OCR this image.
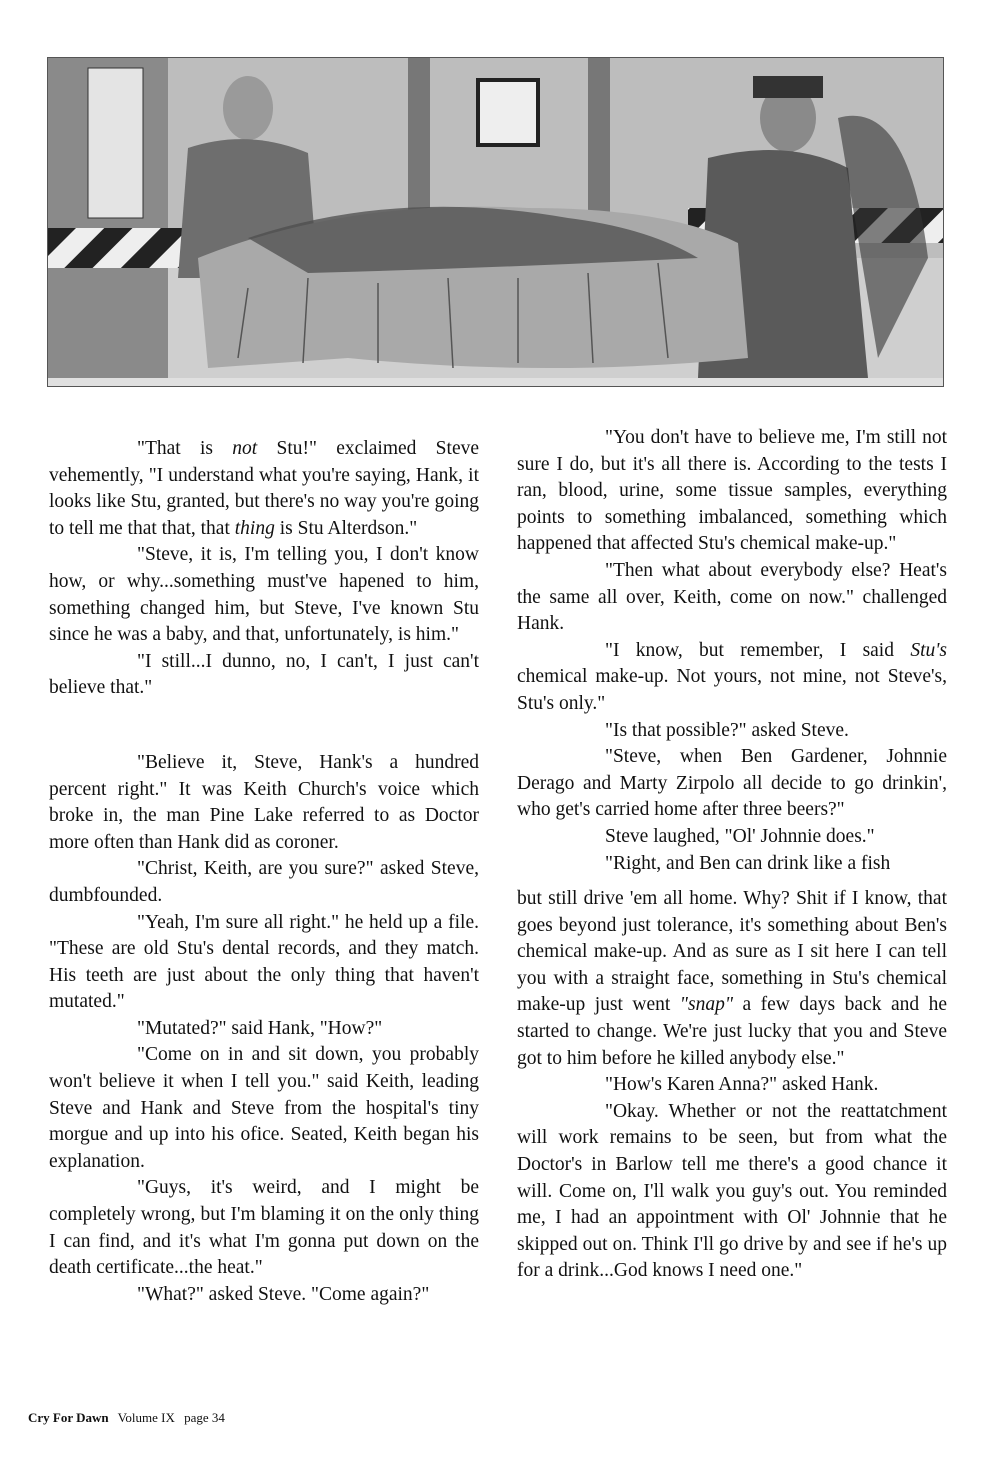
"That is not Stu!" exclaimed Steve vehemently, "I understand what you're saying, Hank, it looks like Stu, granted, but there's no way you're going to tell me that that, that thing is Stu Alterdson."

"Steve, it is, I'm telling you, I don't know how, or why...something must've hapened to him, something changed him, but Steve, I've known Stu since he was a baby, and that, unfortunately, is him."

"I still...I dunno, no, I can't, I just can't believe that."

"Believe it, Steve, Hank's a hundred percent right." It was Keith Church's voice which broke in, the man Pine Lake referred to as Doctor more often than Hank did as coroner.

"Christ, Keith, are you sure?" asked Steve, dumbfounded.

"Yeah, I'm sure all right." he held up a file. "These are old Stu's dental records, and they match. His teeth are just about the only thing that haven't mutated."

"Mutated?" said Hank, "How?"

"Come on in and sit down, you probably won't believe it when I tell you." said Keith, leading Steve and Hank and Steve from the hospital's tiny morgue and up into his ofice. Seated, Keith began his explanation.

"Guys, it's weird, and I might be completely wrong, but I'm blaming it on the only thing I can find, and it's what I'm gonna put down on the death certificate...the heat."

"What?" asked Steve. "Come again?"

"You don't have to believe me, I'm still not sure I do, but it's all there is. According to the tests I ran, blood, urine, some tissue samples, everything points to something imbalanced, something which happened that affected Stu's chemical make-up."

"Then what about everybody else? Heat's the same all over, Keith, come on now." challenged Hank.

"I know, but remember, I said Stu's chemical make-up. Not yours, not mine, not Steve's, Stu's only."

"Is that possible?" asked Steve.

"Steve, when Ben Gardener, Johnnie Derago and Marty Zirpolo all decide to go drinkin', who get's carried home after three beers?"

Steve laughed, "Ol' Johnnie does."

"Right, and Ben can drink like a fish

but still drive 'em all home. Why? Shit if I know, that goes beyond just tolerance, it's something about Ben's chemical make-up. And as sure as I sit here I can tell you with a straight face, something in Stu's chemical make-up just went "snap" a few days back and he started to change. We're just lucky that you and Steve got to him before he killed anybody else."

"How's Karen Anna?" asked Hank.

"Okay. Whether or not the reattatchment will work remains to be seen, but from what the Doctor's in Barlow tell me there's a good chance it will. Come on, I'll walk you guy's out. You reminded me, I had an appointment with Ol' Johnnie that he skipped out on. Think I'll go drive by and see if he's up for a drink...God knows I need one."

Cry For Dawn Volume IX page 34
